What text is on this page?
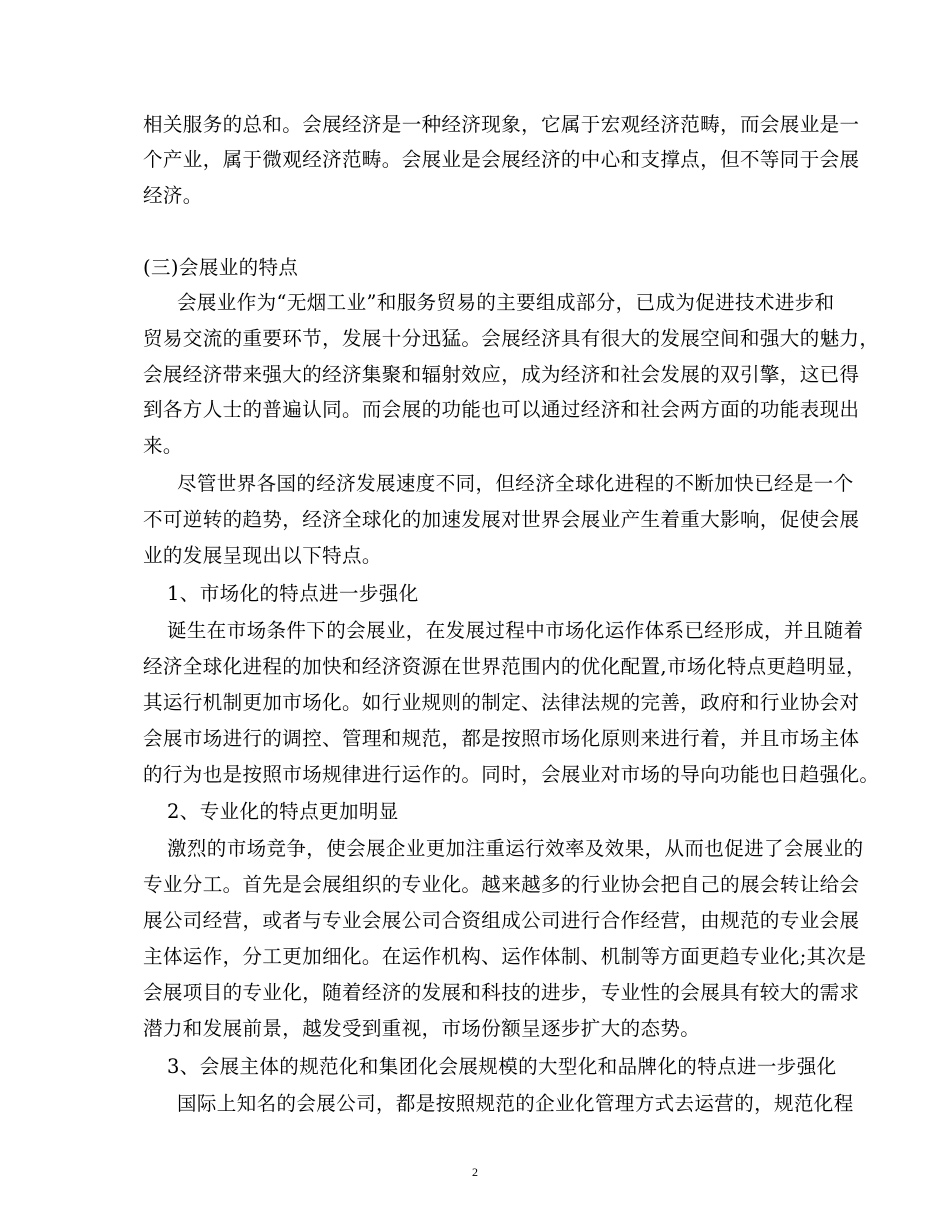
相关服务的总和。会展经济是一种经济现象，它属于宏观经济范畴，而会展业是一
个产业，属于微观经济范畴。会展业是会展经济的中心和支撑点，但不等同于会展
经济。
(三)会展业的特点
会展业作为“无烟工业”和服务贸易的主要组成部分，已成为促进技术进步和
贸易交流的重要环节，发展十分迅猛。会展经济具有很大的发展空间和强大的魅力，
会展经济带来强大的经济集聚和辐射效应，成为经济和社会发展的双引擎，这已得
到各方人士的普遍认同。而会展的功能也可以通过经济和社会两方面的功能表现出
来。
尽管世界各国的经济发展速度不同，但经济全球化进程的不断加快已经是一个
不可逆转的趋势，经济全球化的加速发展对世界会展业产生着重大影响，促使会展
业的发展呈现出以下特点。
1、市场化的特点进一步强化
诞生在市场条件下的会展业，在发展过程中市场化运作体系已经形成，并且随着
经济全球化进程的加快和经济资源在世界范围内的优化配置,市场化特点更趋明显，
其运行机制更加市场化。如行业规则的制定、法律法规的完善，政府和行业协会对
会展市场进行的调控、管理和规范，都是按照市场化原则来进行着，并且市场主体
的行为也是按照市场规律进行运作的。同时，会展业对市场的导向功能也日趋强化。
2、专业化的特点更加明显
激烈的市场竞争，使会展企业更加注重运行效率及效果，从而也促进了会展业的
专业分工。首先是会展组织的专业化。越来越多的行业协会把自己的展会转让给会
展公司经营，或者与专业会展公司合资组成公司进行合作经营，由规范的专业会展
主体运作，分工更加细化。在运作机构、运作体制、机制等方面更趋专业化;其次是
会展项目的专业化，随着经济的发展和科技的进步，专业性的会展具有较大的需求
潜力和发展前景，越发受到重视，市场份额呈逐步扩大的态势。
3、会展主体的规范化和集团化会展规模的大型化和品牌化的特点进一步强化
国际上知名的会展公司，都是按照规范的企业化管理方式去运营的，规范化程
2
